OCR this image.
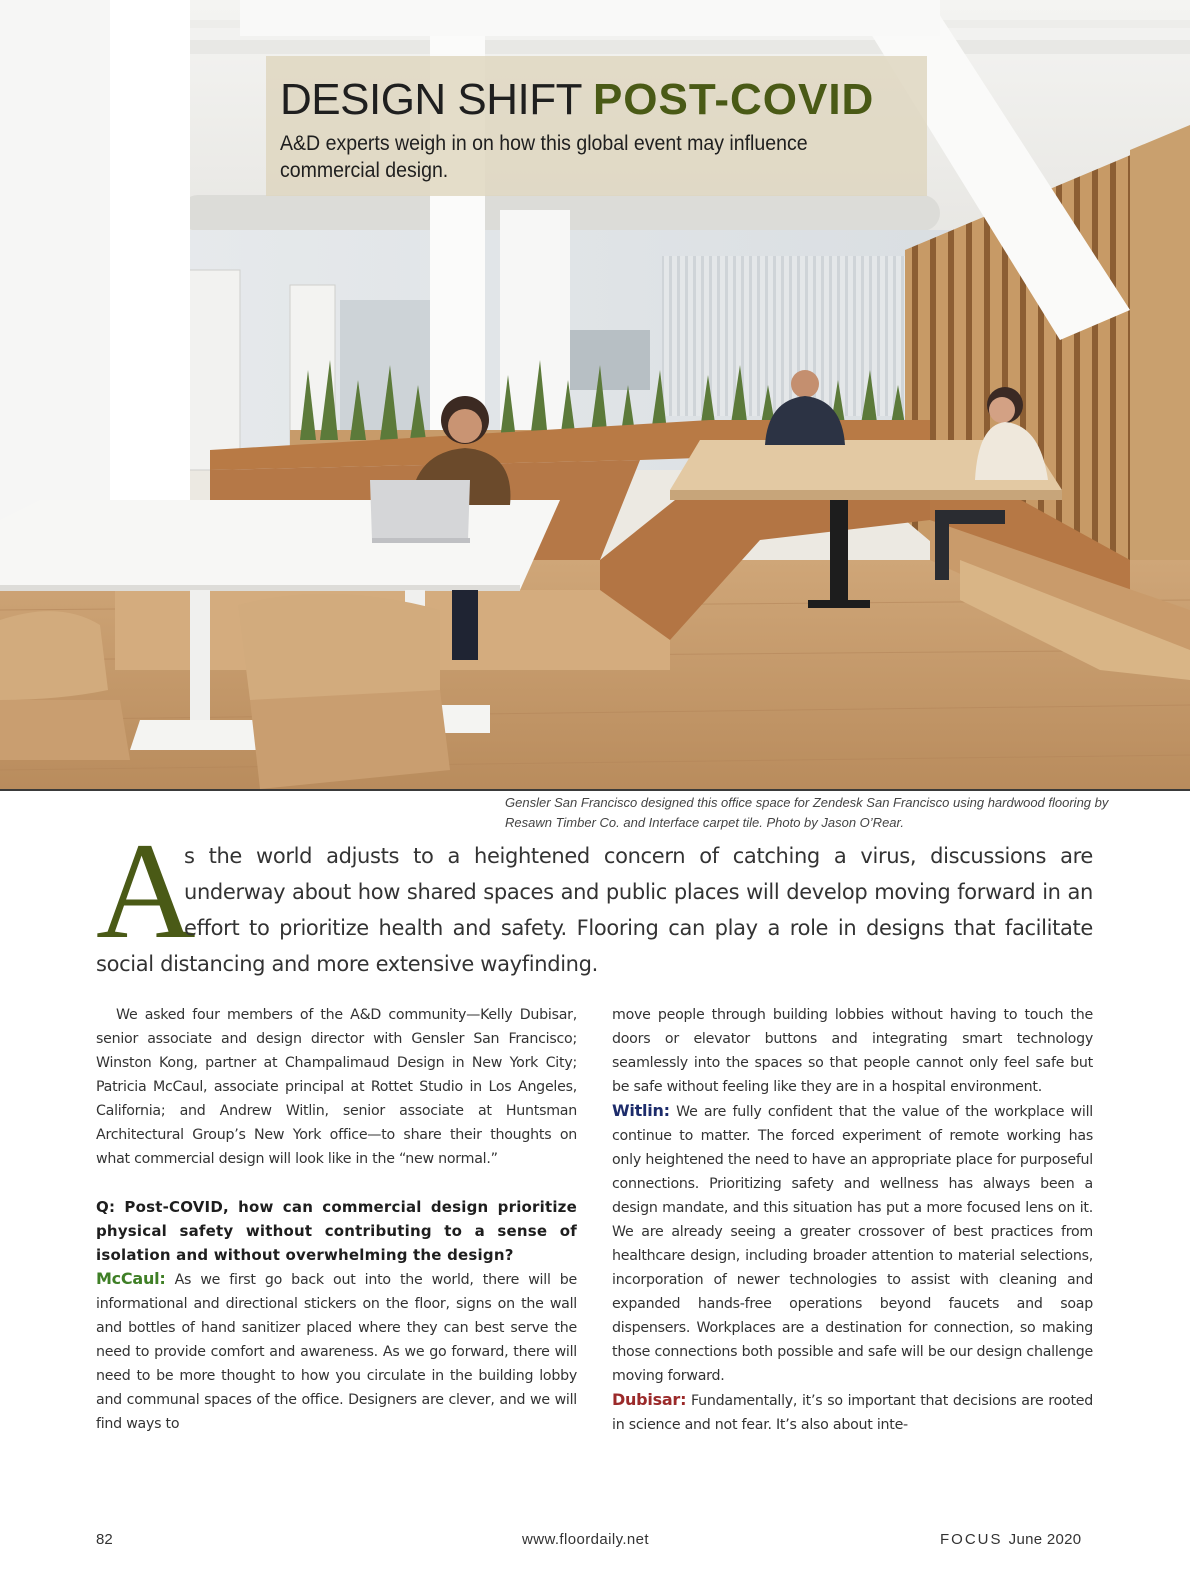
DESIGN SHIFT POST-COVID

A&D experts weigh in on how this global event may influence commercial design.

Gensler San Francisco designed this office space for Zendesk San Francisco using hardwood flooring by Resawn Timber Co. and Interface carpet tile. Photo by Jason O’Rear.
A
s the world adjusts to a heightened concern of catching a virus, discussions are underway about how shared spaces and public places will develop moving forward in an effort to prioritize health and safety. Flooring can play a role in designs that facilitate social distancing and more extensive wayfinding.

We asked four members of the A&D community—Kelly Dubisar, senior associate and design director with Gensler San Francisco; Winston Kong, partner at Champalimaud Design in New York City; Patricia McCaul, associate principal at Rottet Studio in Los Angeles, California; and Andrew Witlin, senior associate at Huntsman Architectural Group’s New York office—to share their thoughts on what commercial design will look like in the “new normal.”

Q: Post-COVID, how can commercial design prioritize physical safety without contributing to a sense of isolation and without overwhelming the design?

McCaul: As we first go back out into the world, there will be informational and directional stickers on the floor, signs on the wall and bottles of hand sanitizer placed where they can best serve the need to provide comfort and awareness. As we go forward, there will need to be more thought to how you circulate in the building lobby and communal spaces of the office. Designers are clever, and we will find ways to

move people through building lobbies without having to touch the doors or elevator buttons and integrating smart technology seamlessly into the spaces so that people cannot only feel safe but be safe without feeling like they are in a hospital environment.

Witlin: We are fully confident that the value of the workplace will continue to matter. The forced experiment of remote working has only heightened the need to have an appropriate place for purposeful connections. Prioritizing safety and wellness has always been a design mandate, and this situation has put a more focused lens on it. We are already seeing a greater crossover of best practices from healthcare design, including broader attention to material selections, incorporation of newer technologies to assist with cleaning and expanded hands-free operations beyond faucets and soap dispensers. Workplaces are a destination for connection, so making those connections both possible and safe will be our design challenge moving forward.

Dubisar: Fundamentally, it’s so important that decisions are rooted in science and not fear. It’s also about inte-

82	www.floordaily.net	FOCUS June 2020
